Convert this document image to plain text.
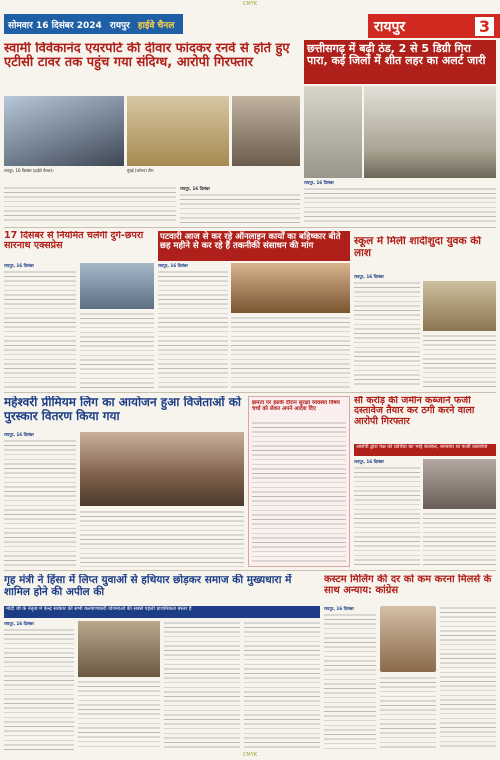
CMYK
CMYK
सोमवार 16 दिसंबर 2024 रायपुर हाईवे चैनल	रायपुर	3
स्वामी विवेकानंद एयरपोर्ट की दीवार फांदकर रनवे से होते हुए एटीसी टावर तक पहुंच गया संदिग्ध, आरोपी गिरफ्तार
रायपुर, 16 दिसंबर (हाईवे चैनल)।	मुंबई (कॉमन) टीम
रायपुर, 16 दिसंबर
छत्तीसगढ़ में बढ़ी ठंड, 2 से 5 डिग्री गिरा पारा, कई जिलों में शीत लहर का अलर्ट जारी
रायपुर, 16 दिसंबर
17 दिसंबर से नियमित चलेगी दुर्ग-छपरा सारनाथ एक्सप्रेस
रायपुर, 16 दिसंबर
पटवारी आज से कर रहे ऑनलाइन कार्यों का बहिष्कार बीते छह महीने से कर रहे हैं तकनीकी संसाधन की मांग
रायपुर, 16 दिसंबर
स्कूल में मिली शादीशुदा युवक की लाश
रायपुर, 16 दिसंबर
महेश्वरी प्रीमियम लिग का आयोजन हुआ विजेताओं को पुरस्कार वितरण किया गया
रायपुर, 16 दिसंबर
झमता पर इसके दौरान सुरक्षा व्यवस्था विषय चर्चा को लेकर अपने आदेश दिए
सौ करोड़ की जमीन कब्जाने फर्जी दस्तावेज तैयार कर ठगी करने वाला आरोपी गिरफ्तार
आरोपी द्वारा पक्ष को प्रार्थिया का भाई बताकर, बनवाया था फर्जी दस्तावेज
रायपुर, 16 दिसंबर
गृह मंत्री ने हिंसा में लिप्त युवाओं से हथियार छोड़कर समाज की मुख्यधारा में शामिल होने की अपील की
मोदी जी के नेतृत्व में केन्द्र सरकार की सभी कल्याणकारी योजनाओं की सबसे पहली प्राथमिकता बस्तर है
रायपुर, 16 दिसंबर
कस्टम मिलिंग की दर को कम करना मिलर्स के साथ अन्याय: कांग्रेस
रायपुर, 16 दिसंबर
